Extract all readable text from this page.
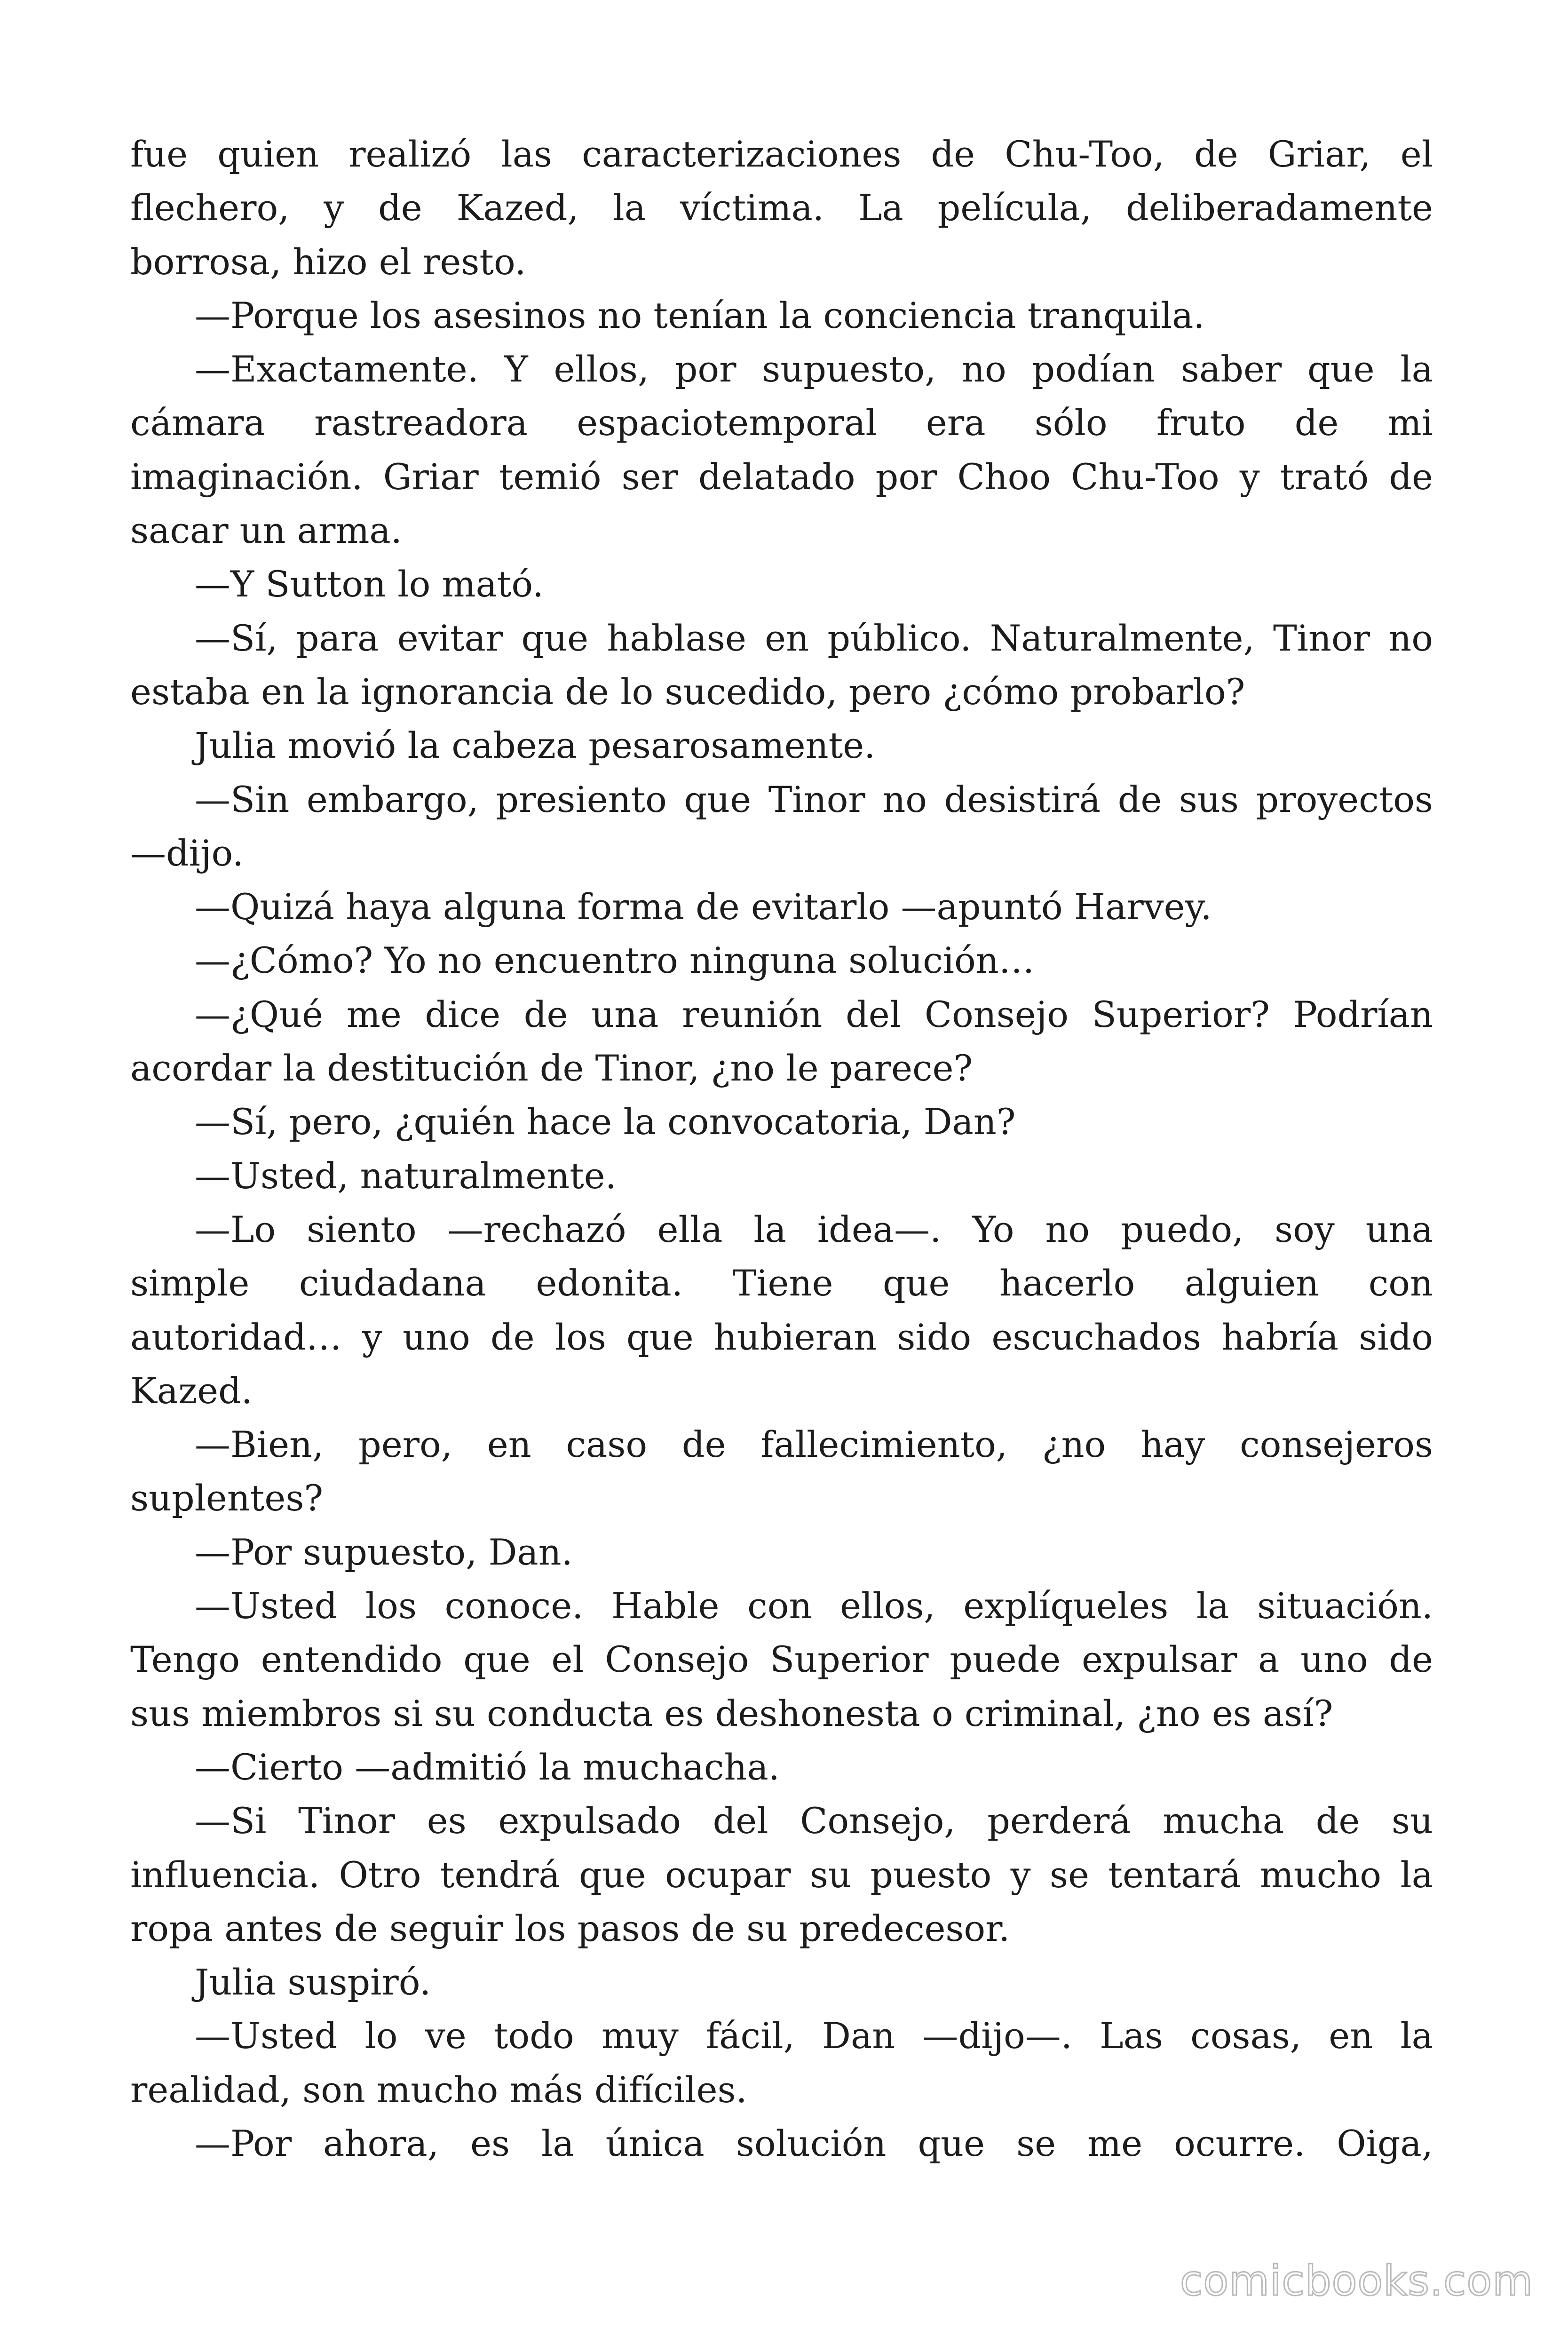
fue quien realizó las caracterizaciones de Chu-Too, de Griar, el
flechero, y de Kazed, la víctima. La película, deliberadamente
borrosa, hizo el resto.
—Porque los asesinos no tenían la conciencia tranquila.
—Exactamente. Y ellos, por supuesto, no podían saber que la
cámara rastreadora espaciotemporal era sólo fruto de mi
imaginación. Griar temió ser delatado por Choo Chu-Too y trató de
sacar un arma.
—Y Sutton lo mató.
—Sí, para evitar que hablase en público. Naturalmente, Tinor no
estaba en la ignorancia de lo sucedido, pero ¿cómo probarlo?
Julia movió la cabeza pesarosamente.
—Sin embargo, presiento que Tinor no desistirá de sus proyectos
—dijo.
—Quizá haya alguna forma de evitarlo —apuntó Harvey.
—¿Cómo? Yo no encuentro ninguna solución…
—¿Qué me dice de una reunión del Consejo Superior? Podrían
acordar la destitución de Tinor, ¿no le parece?
—Sí, pero, ¿quién hace la convocatoria, Dan?
—Usted, naturalmente.
—Lo siento —rechazó ella la idea—. Yo no puedo, soy una
simple ciudadana edonita. Tiene que hacerlo alguien con
autoridad… y uno de los que hubieran sido escuchados habría sido
Kazed.
—Bien, pero, en caso de fallecimiento, ¿no hay consejeros
suplentes?
—Por supuesto, Dan.
—Usted los conoce. Hable con ellos, explíqueles la situación.
Tengo entendido que el Consejo Superior puede expulsar a uno de
sus miembros si su conducta es deshonesta o criminal, ¿no es así?
—Cierto —admitió la muchacha.
—Si Tinor es expulsado del Consejo, perderá mucha de su
influencia. Otro tendrá que ocupar su puesto y se tentará mucho la
ropa antes de seguir los pasos de su predecesor.
Julia suspiró.
—Usted lo ve todo muy fácil, Dan —dijo—. Las cosas, en la
realidad, son mucho más difíciles.
—Por ahora, es la única solución que se me ocurre. Oiga,
comicbooks.com
